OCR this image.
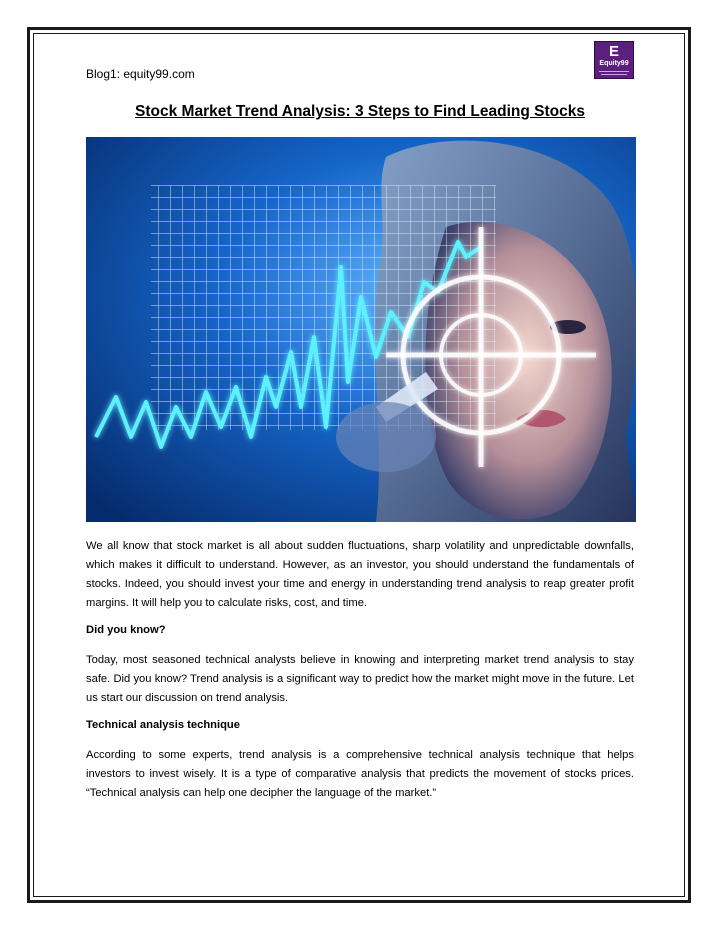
Blog1: equity99.com
E
Equity99
Stock Market Trend Analysis: 3 Steps to Find Leading Stocks

We all know that stock market is all about sudden fluctuations, sharp volatility and unpredictable downfalls, which makes it difficult to understand. However, as an investor, you should understand the fundamentals of stocks. Indeed, you should invest your time and energy in understanding trend analysis to reap greater profit margins. It will help you to calculate risks, cost, and time.

Did you know?

Today, most seasoned technical analysts believe in knowing and interpreting market trend analysis to stay safe. Did you know? Trend analysis is a significant way to predict how the market might move in the future. Let us start our discussion on trend analysis.

Technical analysis technique

According to some experts, trend analysis is a comprehensive technical analysis technique that helps investors to invest wisely. It is a type of comparative analysis that predicts the movement of stocks prices. “Technical analysis can help one decipher the language of the market.”
